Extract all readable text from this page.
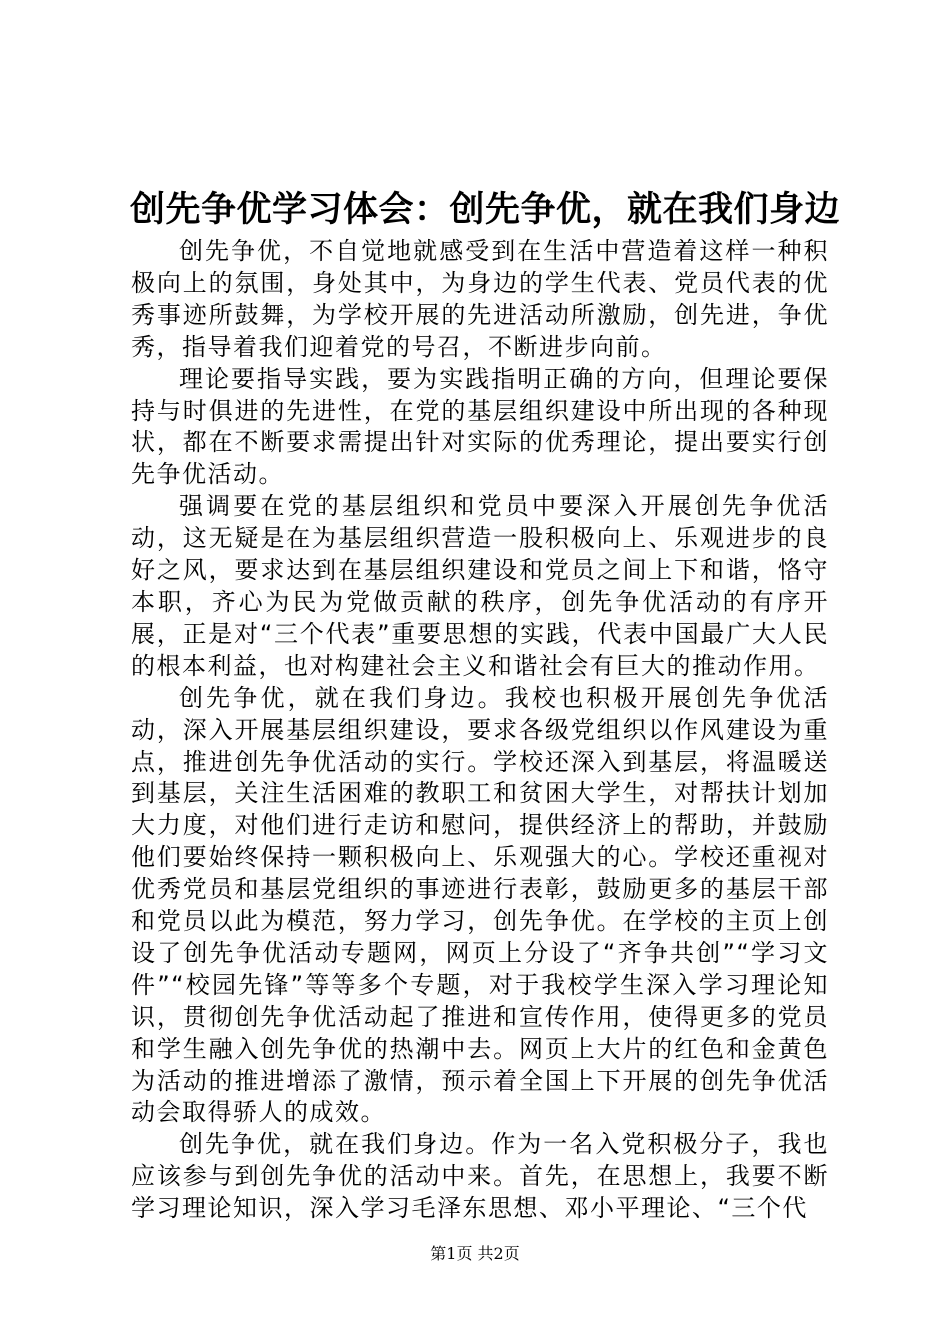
创先争优学习体会：创先争优，就在我们身边

创先争优，不自觉地就感受到在生活中营造着这样一种积极向上的氛围，身处其中，为身边的学生代表、党员代表的优秀事迹所鼓舞，为学校开展的先进活动所激励，创先进，争优秀，指导着我们迎着党的号召，不断进步向前。

理论要指导实践，要为实践指明正确的方向，但理论要保持与时俱进的先进性，在党的基层组织建设中所出现的各种现状，都在不断要求需提出针对实际的优秀理论，提出要实行创先争优活动。

强调要在党的基层组织和党员中要深入开展创先争优活动，这无疑是在为基层组织营造一股积极向上、乐观进步的良好之风，要求达到在基层组织建设和党员之间上下和谐，恪守本职，齐心为民为党做贡献的秩序，创先争优活动的有序开展，正是对“三个代表”重要思想的实践，代表中国最广大人民的根本利益，也对构建社会主义和谐社会有巨大的推动作用。

创先争优，就在我们身边。我校也积极开展创先争优活动，深入开展基层组织建设，要求各级党组织以作风建设为重点，推进创先争优活动的实行。学校还深入到基层，将温暖送到基层，关注生活困难的教职工和贫困大学生，对帮扶计划加大力度，对他们进行走访和慰问，提供经济上的帮助，并鼓励他们要始终保持一颗积极向上、乐观强大的心。学校还重视对优秀党员和基层党组织的事迹进行表彰，鼓励更多的基层干部和党员以此为模范，努力学习，创先争优。在学校的主页上创设了创先争优活动专题网，网页上分设了“齐争共创”“学习文件”“校园先锋”等等多个专题，对于我校学生深入学习理论知识，贯彻创先争优活动起了推进和宣传作用，使得更多的党员和学生融入创先争优的热潮中去。网页上大片的红色和金黄色为活动的推进增添了激情，预示着全国上下开展的创先争优活动会取得骄人的成效。

创先争优，就在我们身边。作为一名入党积极分子，我也应该参与到创先争优的活动中来。首先，在思想上，我要不断学习理论知识，深入学习毛泽东思想、邓小平理论、“三个代

第1页 共2页
